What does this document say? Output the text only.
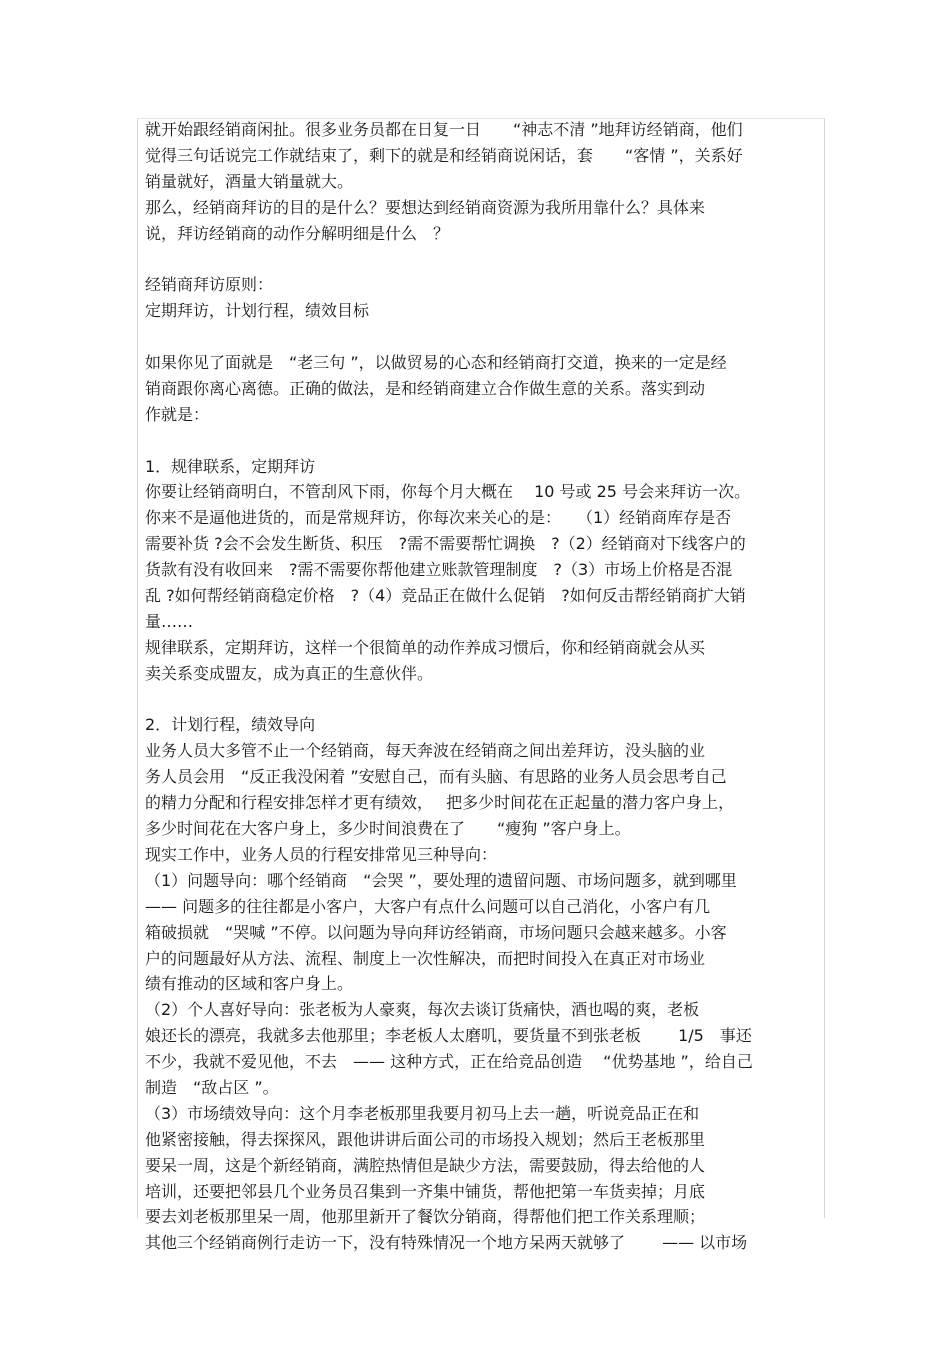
就开始跟经销商闲扯。很多业务员都在日复一日　　“神志不清 ”地拜访经销商，他们
觉得三句话说完工作就结束了，剩下的就是和经销商说闲话，套　　“客情 ”，关系好
销量就好，酒量大销量就大。
那么，经销商拜访的目的是什么？要想达到经销商资源为我所用靠什么？具体来
说，拜访经销商的动作分解明细是什么　？
经销商拜访原则：
定期拜访，计划行程，绩效目标
如果你见了面就是　“老三句 ”，以做贸易的心态和经销商打交道，换来的一定是经
销商跟你离心离德。正确的做法，是和经销商建立合作做生意的关系。落实到动
作就是：
1．规律联系，定期拜访
你要让经销商明白，不管刮风下雨，你每个月大概在　 10 号或 25 号会来拜访一次。
你来不是逼他进货的，而是常规拜访，你每次来关心的是：　　（1）经销商库存是否
需要补货 ?会不会发生断货、积压　?需不需要帮忙调换　?（2）经销商对下线客户的
货款有没有收回来　?需不需要你帮他建立账款管理制度　?（3）市场上价格是否混
乱 ?如何帮经销商稳定价格　?（4）竞品正在做什么促销　?如何反击帮经销商扩大销
量……
规律联系，定期拜访，这样一个很简单的动作养成习惯后，你和经销商就会从买
卖关系变成盟友，成为真正的生意伙伴。
2．计划行程，绩效导向
业务人员大多管不止一个经销商，每天奔波在经销商之间出差拜访，没头脑的业
务人员会用　“反正我没闲着 ”安慰自己，而有头脑、有思路的业务人员会思考自己
的精力分配和行程安排怎样才更有绩效，　 把多少时间花在正起量的潜力客户身上，
多少时间花在大客户身上，多少时间浪费在了　　“瘦狗 ”客户身上。
现实工作中，业务人员的行程安排常见三种导向：
（1）问题导向：哪个经销商　“会哭 ”，要处理的遗留问题、市场问题多，就到哪里
—— 问题多的往往都是小客户，大客户有点什么问题可以自己消化，小客户有几
箱破损就　“哭喊 ”不停。以问题为导向拜访经销商，市场问题只会越来越多。小客
户的问题最好从方法、流程、制度上一次性解决，而把时间投入在真正对市场业
绩有推动的区域和客户身上。
（2）个人喜好导向：张老板为人豪爽，每次去谈订货痛快，酒也喝的爽，老板
娘还长的漂亮，我就多去他那里；李老板人太磨叽，要货量不到张老板　　 1/5　事还
不少，我就不爱见他，不去　—— 这种方式，正在给竞品创造　 “优势基地 ”，给自己
制造　“敌占区 ”。
（3）市场绩效导向：这个月李老板那里我要月初马上去一趟，听说竞品正在和
他紧密接触，得去探探风，跟他讲讲后面公司的市场投入规划；然后王老板那里
要呆一周，这是个新经销商，满腔热情但是缺少方法，需要鼓励，得去给他的人
培训，还要把邻县几个业务员召集到一齐集中铺货，帮他把第一车货卖掉；月底
要去刘老板那里呆一周，他那里新开了餐饮分销商，得帮他们把工作关系理顺；
其他三个经销商例行走访一下，没有特殊情况一个地方呆两天就够了　　 —— 以市场
